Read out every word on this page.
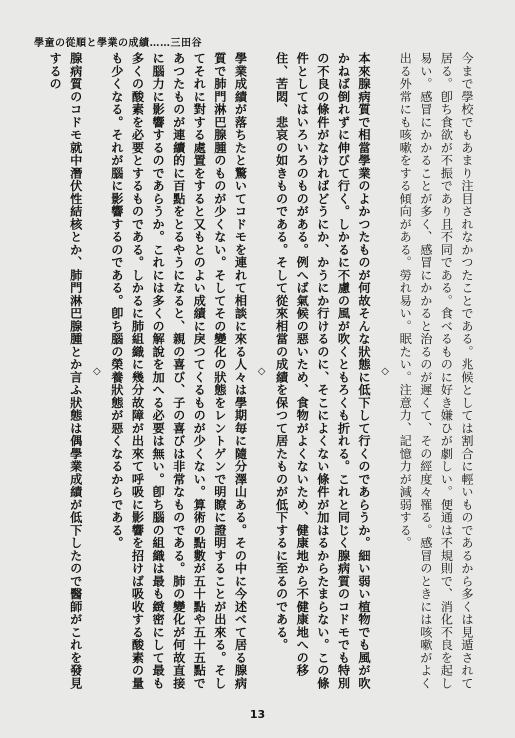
學童の從順と學業の成績……三田谷

今まで學校でもあまり注目されなかつたことである。兆候としては割合に輕いものであるから多くは見遁されて居る。卽ち食欲が不振であり且不同である。食べるものに好き嫌ひが劇しい。便通は不規則で、消化不良を起し易い。感冒にかかることが多く、感冒にかかると治るのが遲くて、その經度々罹る。感冒のときには咳嗽がよく出る外常にも咳嗽をする傾向がある。勞れ易い。眠たい。注意力、記憶力が減弱する。

◇

本來腺病質で相當學業のよかつたものが何故そんな狀態に低下して行くのであらうか。細い弱い植物でも風が吹かねば倒れずに伸びて行く。しかるに不慮の風が吹くともろくも折れる。これと同じく腺病質のコドモでも特別の不良の條件がなければどうにか、かうにか行けるのに、そこによくない條件が加はるからたまらない。この條件としてはいろいろのものがある。例へば氣候の惡いため、食物がよくないため、健康地から不健康地への移住、苦悶、悲哀の如きものである。そして從來相當の成績を保つて居たものが低下するに至るのである。

◇

學業成績が落ちたと驚いてコドモを連れて相談に來る人々は學期毎に隨分澤山ある。その中に今述べて居る腺病質で肺門淋巴腺腫のものが少くない。そしてその變化の狀態をレントゲンで明瞭に證明することが出來る。そしてそれに對する處置をすると又もとのよい成績に戾つてくるものが少くない。算術の點數が五十點や五十五點であつたものが連續的に百點をとるやうになると、親の喜び、子の喜びは非常なものである。肺の變化が何故直接に腦力に影響するのであらうか。これには多くの解說を加へる必要は無い。卽ち腦の組織は最も緻密にして最も多くの酸素を必要とするものである。しかるに肺組織に幾分故障が出來て呼吸に影響を招けば吸收する酸素の量も少くなる。それが腦に影響するのである。卽ち腦の榮養狀態が惡くなるからである。

◇

腺病質のコドモ就中潛伏性結核とか、肺門淋巴腺腫とか言ふ狀態は偶學業成績が低下したので醫師がこれを發見するの

13
